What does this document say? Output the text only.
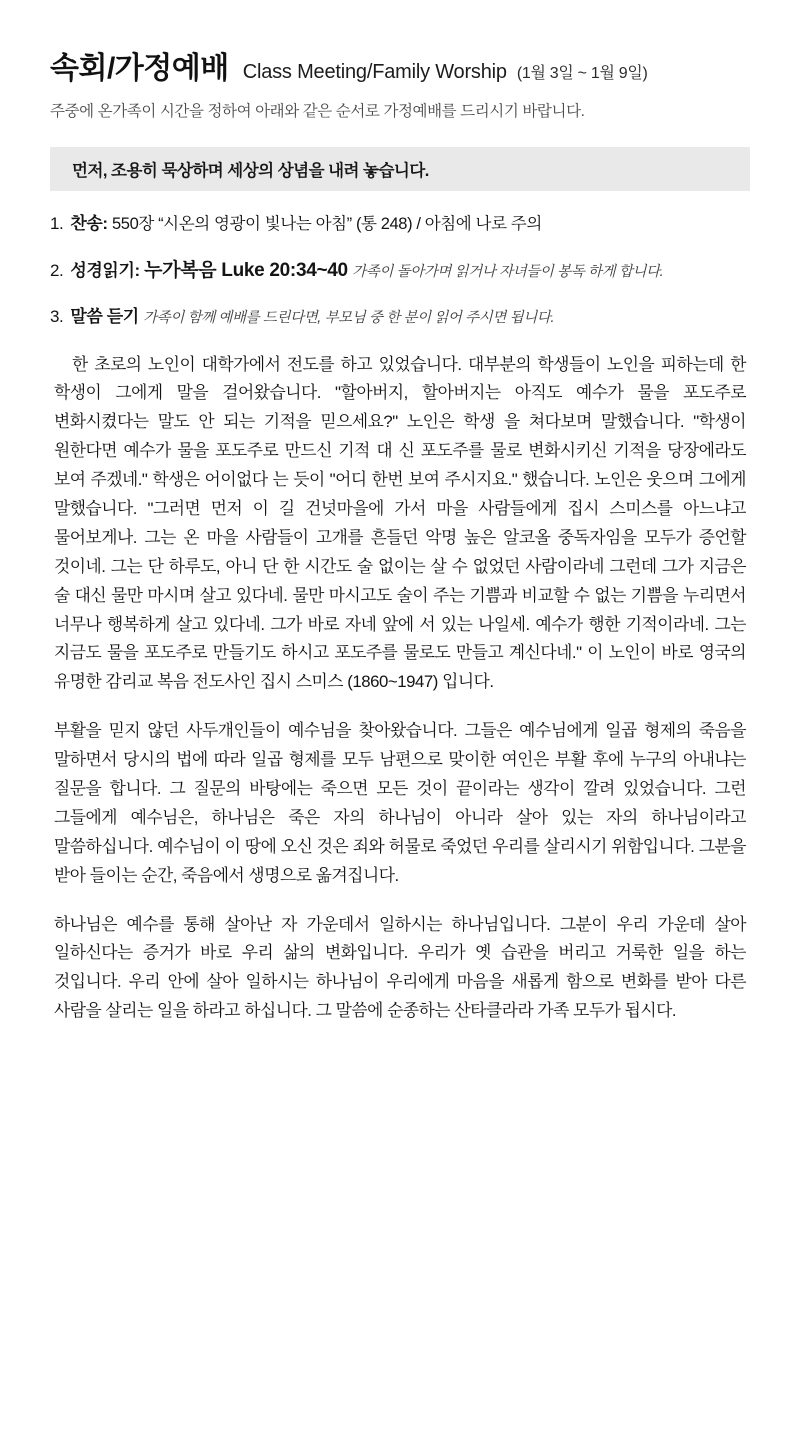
속회/가정예배 Class Meeting/Family Worship (1월 3일 ~ 1월 9일)
주중에 온가족이 시간을 정하여 아래와 같은 순서로 가정예배를 드리시기 바랍니다.
먼저, 조용히 묵상하며 세상의 상념을 내려 놓습니다.
1. 찬송: 550장 “시온의 영광이 빛나는 아침” (통 248) / 아침에 나로 주의
2. 성경읽기: 누가복음 Luke 20:34~40 가족이 돌아가며 읽거나 자녀들이 봉독 하게 합니다.
3. 말씀 듣기 가족이 함께 예배를 드린다면, 부모님 중 한 분이 읽어 주시면 됩니다.

한 초로의 노인이 대학가에서 전도를 하고 있었습니다. 대부분의 학생들이 노인을 피하는데 한 학생이 그에게 말을 걸어왔습니다. "할아버지, 할아버지는 아직도 예수가 물을 포도주로 변화시켰다는 말도 안 되는 기적을 믿으세요?" 노인은 학생 을 쳐다보며 말했습니다. "학생이 원한다면 예수가 물을 포도주로 만드신 기적 대 신 포도주를 물로 변화시키신 기적을 당장에라도 보여 주겠네." 학생은 어이없다 는 듯이 "어디 한번 보여 주시지요." 했습니다. 노인은 웃으며 그에게 말했습니다. "그러면 먼저 이 길 건넛마을에 가서 마을 사람들에게 집시 스미스를 아느냐고 물어보게나. 그는 온 마을 사람들이 고개를 흔들던 악명 높은 알코올 중독자임을 모두가 증언할 것이네. 그는 단 하루도, 아니 단 한 시간도 술 없이는 살 수 없었던 사람이라네 그런데 그가 지금은 술 대신 물만 마시며 살고 있다네. 물만 마시고도 술이 주는 기쁨과 비교할 수 없는 기쁨을 누리면서 너무나 행복하게 살고 있다네. 그가 바로 자네 앞에 서 있는 나일세. 예수가 행한 기적이라네. 그는 지금도 물을 포도주로 만들기도 하시고 포도주를 물로도 만들고 계신다네." 이 노인이 바로 영국의 유명한 감리교 복음 전도사인 집시 스미스 (1860~1947) 입니다.

부활을 믿지 않던 사두개인들이 예수님을 찾아왔습니다. 그들은 예수님에게 일곱 형제의 죽음을 말하면서 당시의 법에 따라 일곱 형제를 모두 남편으로 맞이한 여인은 부활 후에 누구의 아내냐는 질문을 합니다. 그 질문의 바탕에는 죽으면 모든 것이 끝이라는 생각이 깔려 있었습니다. 그런 그들에게 예수님은, 하나님은 죽은 자의 하나님이 아니라 살아 있는 자의 하나님이라고 말씀하십니다. 예수님이 이 땅에 오신 것은 죄와 허물로 죽었던 우리를 살리시기 위함입니다. 그분을 받아 들이는 순간, 죽음에서 생명으로 옮겨집니다.

하나님은 예수를 통해 살아난 자 가운데서 일하시는 하나님입니다. 그분이 우리 가운데 살아 일하신다는 증거가 바로 우리 삶의 변화입니다. 우리가 옛 습관을 버리고 거룩한 일을 하는 것입니다. 우리 안에 살아 일하시는 하나님이 우리에게 마음을 새롭게 함으로 변화를 받아 다른 사람을 살리는 일을 하라고 하십니다. 그 말씀에 순종하는 산타클라라 가족 모두가 됩시다.
